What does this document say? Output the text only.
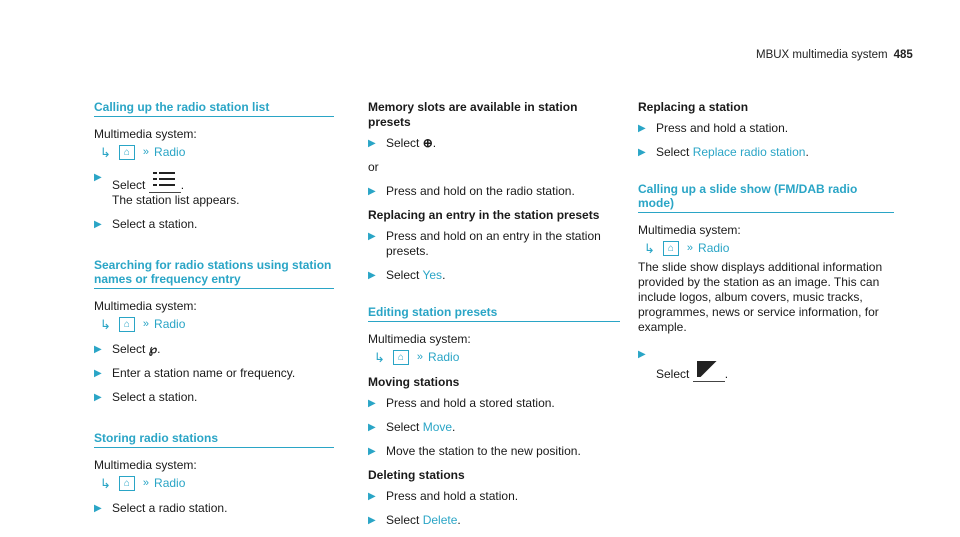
MBUX multimedia system 485
Calling up the radio station list
Multimedia system:
↳	⌂	» Radio
▶
Select	.
The station list appears.
▶ Select a station.
Searching for radio stations using station names or frequency entry
Multimedia system:
↳	⌂	» Radio
▶ Select ℘.
▶ Enter a station name or frequency.
▶ Select a station.
Storing radio stations
Multimedia system:
↳	⌂	» Radio
▶ Select a radio station.
Memory slots are available in station presets
▶ Select ⊕.
or
▶ Press and hold on the radio station.
Replacing an entry in the station presets
▶ Press and hold on an entry in the station presets.
▶ Select Yes.
Editing station presets
Multimedia system:
↳	⌂	» Radio
Moving stations
▶ Press and hold a stored station.
▶ Select Move.
▶ Move the station to the new position.
Deleting stations
▶ Press and hold a station.
▶ Select Delete.
Replacing a station
▶ Press and hold a station.
▶ Select Replace radio station.
Calling up a slide show (FM/DAB radio mode)
Multimedia system:
↳	⌂	» Radio
The slide show displays additional information provided by the station as an image. This can include logos, album covers, music tracks, programmes, news or service information, for example.
▶
Select	.
